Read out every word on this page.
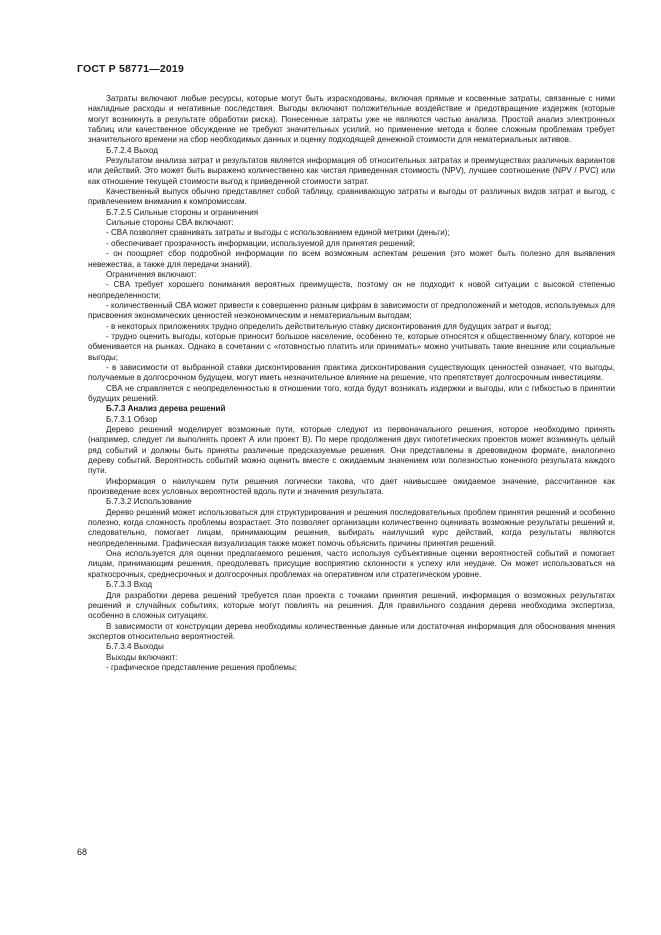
ГОСТ Р 58771—2019

Затраты включают любые ресурсы, которые могут быть израсходованы, включая прямые и косвенные затраты, связанные с ними накладные расходы и негативные последствия. Выгоды включают положительные воздействие и предотвращение издержек (которые могут возникнуть в результате обработки риска). Понесенные затраты уже не являются частью анализа. Простой анализ электронных таблиц или качественное обсуждение не требуют значительных усилий, но применение метода к более сложным проблемам требует значительного времени на сбор необходимых данных и оценку подходящей денежной стоимости для нематериальных активов.

Б.7.2.4 Выход

Результатом анализа затрат и результатов является информация об относительных затратах и преимуществах различных вариантов или действий. Это может быть выражено количественно как чистая приведенная стоимость (NPV), лучшее соотношение (NPV / PVC) или как отношение текущей стоимости выгод к приведенной стоимости затрат.

Качественный выпуск обычно представляет собой таблицу, сравнивающую затраты и выгоды от различных видов затрат и выгод, с привлечением внимания к компромиссам.

Б.7.2.5 Сильные стороны и ограничения

Сильные стороны CBA включают:

- CBA позволяет сравнивать затраты и выгоды с использованием единой метрики (деньги);

- обеспечивает прозрачность информации, используемой для принятия решений;

- он поощряет сбор подробной информации по всем возможным аспектам решения (это может быть полезно для выявления невежества, а также для передачи знаний).

Ограничения включают:

- CBA требует хорошего понимания вероятных преимуществ, поэтому он не подходит к новой ситуации с высокой степенью неопределенности;

- количественный CBA может привести к совершенно разным цифрам в зависимости от предположений и методов, используемых для присвоения экономических ценностей неэкономическим и нематериальным выгодам;

- в некоторых приложениях трудно определить действительную ставку дисконтирования для будущих затрат и выгод;

- трудно оценить выгоды, которые приносит большое население, особенно те, которые относятся к общественному благу, которое не обменивается на рынках. Однако в сочетании с «готовностью платить или принимать» можно учитывать такие внешние или социальные выгоды;

- в зависимости от выбранной ставки дисконтирования практика дисконтирования существующих ценностей означает, что выгоды, получаемые в долгосрочном будущем, могут иметь незначительное влияние на решение, что препятствует долгосрочным инвестициям.

CBA не справляется с неопределенностью в отношении того, когда будут возникать издержки и выгоды, или с гибкостью в принятии будущих решений.

Б.7.3 Анализ дерева решений

Б.7.3.1 Обзор

Дерево решений моделирует возможные пути, которые следуют из первоначального решения, которое необходимо принять (например, следует ли выполнять проект А или проект В). По мере продолжения двух гипотетических проектов может возникнуть целый ряд событий и должны быть приняты различные предсказуемые решения. Они представлены в древовидном формате, аналогично дереву событий. Вероятность событий можно оценить вместе с ожидаемым значением или полезностью конечного результата каждого пути.

Информация о наилучшем пути решения логически такова, что дает наивысшее ожидаемое значение, рассчитанное как произведение всех условных вероятностей вдоль пути и значения результата.

Б.7.3.2 Использование

Дерево решений может использоваться для структурирования и решения последовательных проблем принятия решений и особенно полезно, когда сложность проблемы возрастает. Это позволяет организации количественно оценивать возможные результаты решений и, следовательно, помогает лицам, принимающим решения, выбирать наилучший курс действий, когда результаты являются неопределенными. Графическая визуализация также может помочь объяснить причины принятия решений.

Она используется для оценки предлагаемого решения, часто используя субъективные оценки вероятностей событий и помогает лицам, принимающим решения, преодолевать присущие восприятию склонности к успеху или неудаче. Он может использоваться на краткосрочных, среднесрочных и долгосрочных проблемах на оперативном или стратегическом уровне.

Б.7.3.3 Вход

Для разработки дерева решений требуется план проекта с точками принятия решений, информация о возможных результатах решений и случайных событиях, которые могут повлиять на решения. Для правильного создания дерева необходима экспертиза, особенно в сложных ситуациях.

В зависимости от конструкции дерева необходимы количественные данные или достаточная информация для обоснования мнения экспертов относительно вероятностей.

Б.7.3.4 Выходы

Выходы включают:

- графическое представление решения проблемы;

68
